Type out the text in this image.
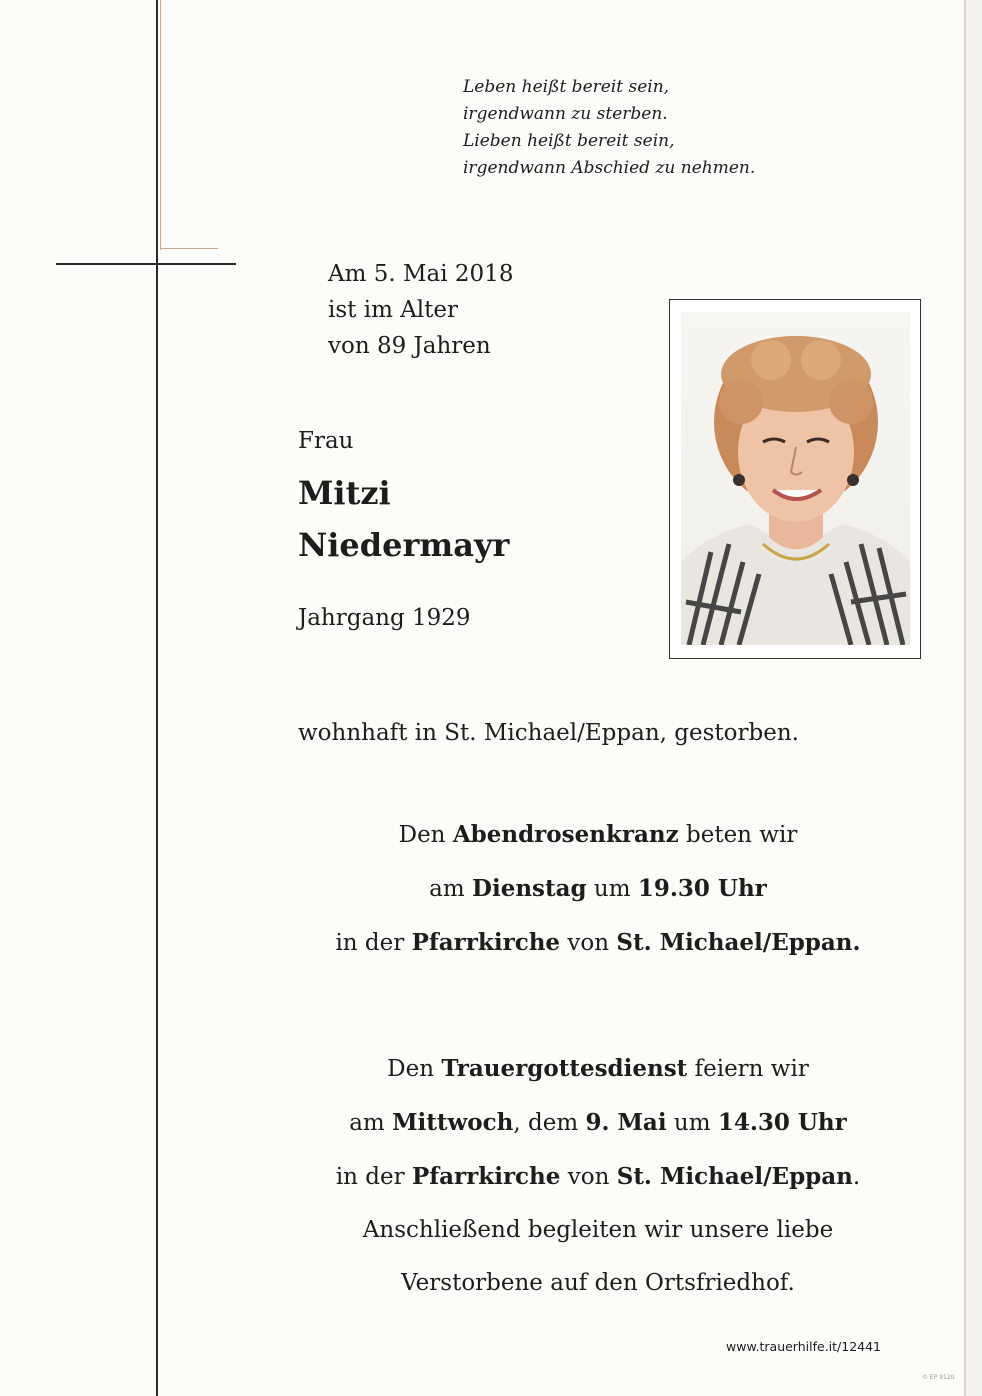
Leben heißt bereit sein,
irgendwann zu sterben.
Lieben heißt bereit sein,
irgendwann Abschied zu nehmen.
Am 5. Mai 2018
ist im Alter
von 89 Jahren
Frau
Mitzi
Niedermayr
Jahrgang 1929
wohnhaft in St. Michael/Eppan, gestorben.
Den Abendrosenkranz beten wir
am Dienstag um 19.30 Uhr
in der Pfarrkirche von St. Michael/Eppan.
Den Trauergottesdienst feiern wir
am Mittwoch, dem 9. Mai um 14.30 Uhr
in der Pfarrkirche von St. Michael/Eppan.
Anschließend begleiten wir unsere liebe
Verstorbene auf den Ortsfriedhof.
www.trauerhilfe.it/12441
© EP 9120
